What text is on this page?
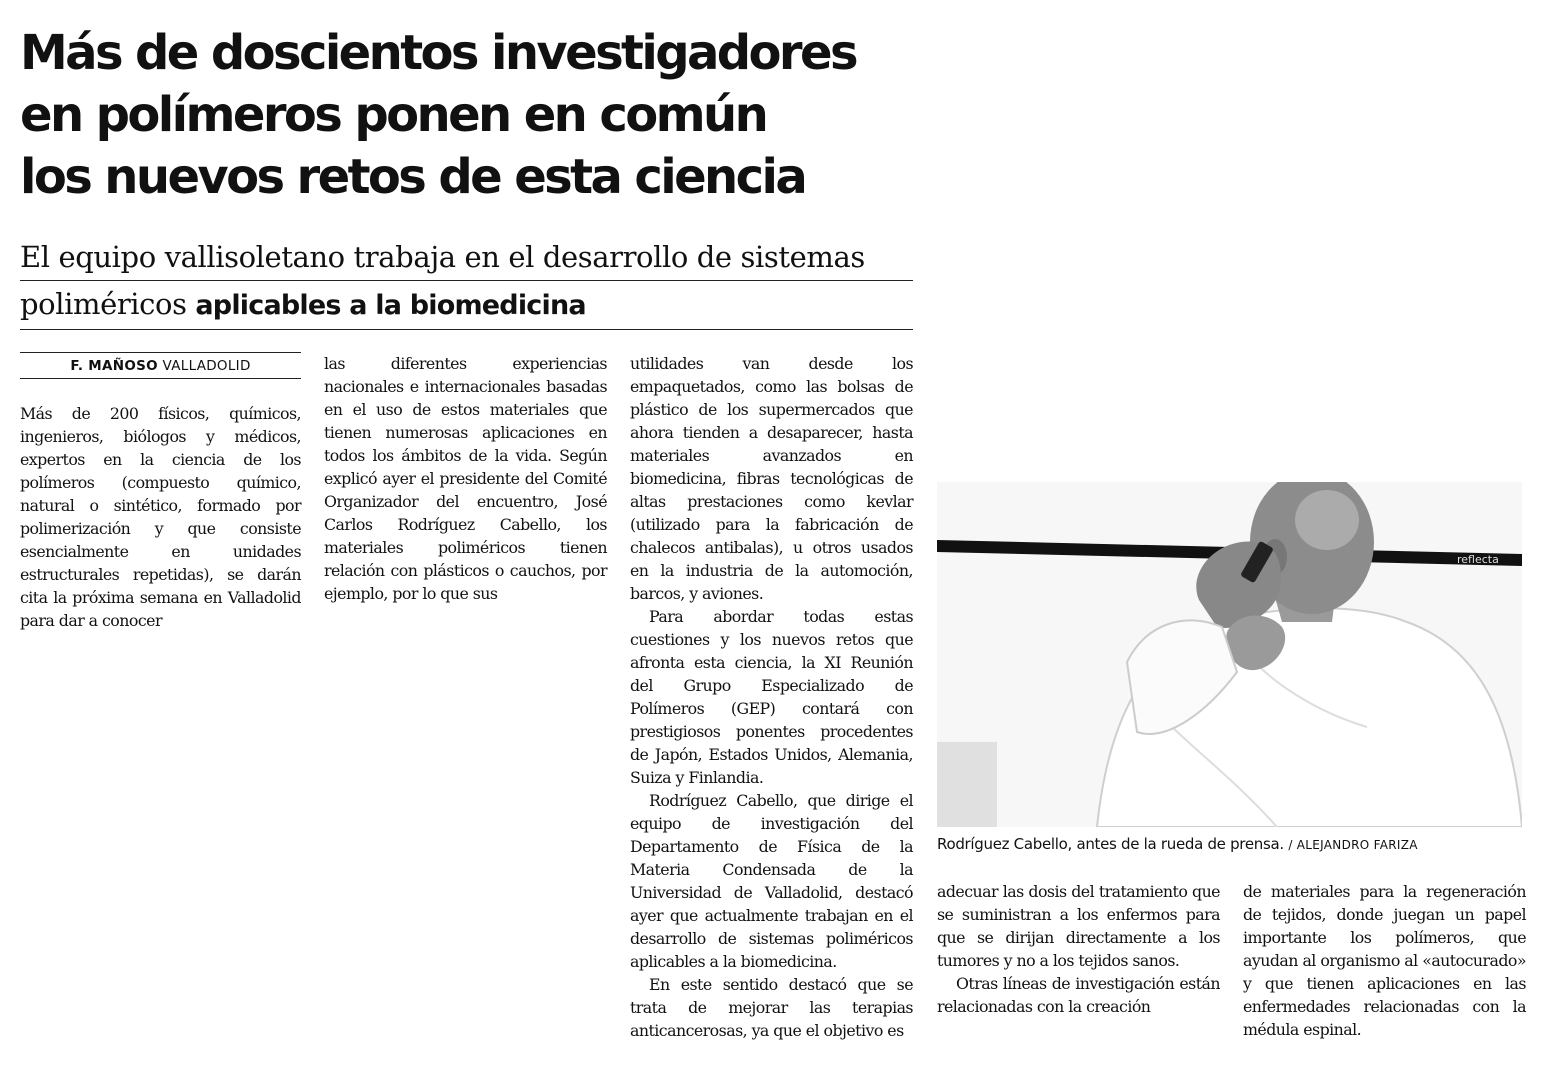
Más de doscientos investigadores
en polímeros ponen en común
los nuevos retos de esta ciencia
El equipo vallisoletano trabaja en el desarrollo de sistemas
poliméricos aplicables a la biomedicina
F. MAÑOSO VALLADOLID

Más de 200 físicos, químicos, ingenieros, biólogos y médicos, expertos en la ciencia de los polímeros (compuesto químico, natural o sintético, formado por polimerización y que consiste esencialmente en unidades estructurales repetidas), se darán cita la próxima semana en Valladolid para dar a conocer

las diferentes experiencias nacionales e internacionales basadas en el uso de estos materiales que tienen numerosas aplicaciones en todos los ámbitos de la vida. Según explicó ayer el presidente del Comité Organizador del encuentro, José Carlos Rodríguez Cabello, los materiales poliméricos tienen relación con plásticos o cauchos, por ejemplo, por lo que sus

utilidades van desde los empaquetados, como las bolsas de plástico de los supermercados que ahora tienden a desaparecer, hasta materiales avanzados en biomedicina, fibras tecnológicas de altas prestaciones como kevlar (utilizado para la fabricación de chalecos antibalas), u otros usados en la industria de la automoción, barcos, y aviones.

Para abordar todas estas cuestiones y los nuevos retos que afronta esta ciencia, la XI Reunión del Grupo Especializado de Polímeros (GEP) contará con prestigiosos ponentes procedentes de Japón, Estados Unidos, Alemania, Suiza y Finlandia.

Rodríguez Cabello, que dirige el equipo de investigación del Departamento de Física de la Materia Condensada de la Universidad de Valladolid, destacó ayer que actualmente trabajan en el desarrollo de sistemas poliméricos aplicables a la biomedicina.

En este sentido destacó que se trata de mejorar las terapias anticancerosas, ya que el objetivo es

reflecta
Rodríguez Cabello, antes de la rueda de prensa. / ALEJANDRO FARIZA

adecuar las dosis del tratamiento que se suministran a los enfermos para que se dirijan directamente a los tumores y no a los tejidos sanos.

Otras líneas de investigación están relacionadas con la creación

de materiales para la regeneración de tejidos, donde juegan un papel importante los polímeros, que ayudan al organismo al «autocurado» y que tienen aplicaciones en las enfermedades relacionadas con la médula espinal.
